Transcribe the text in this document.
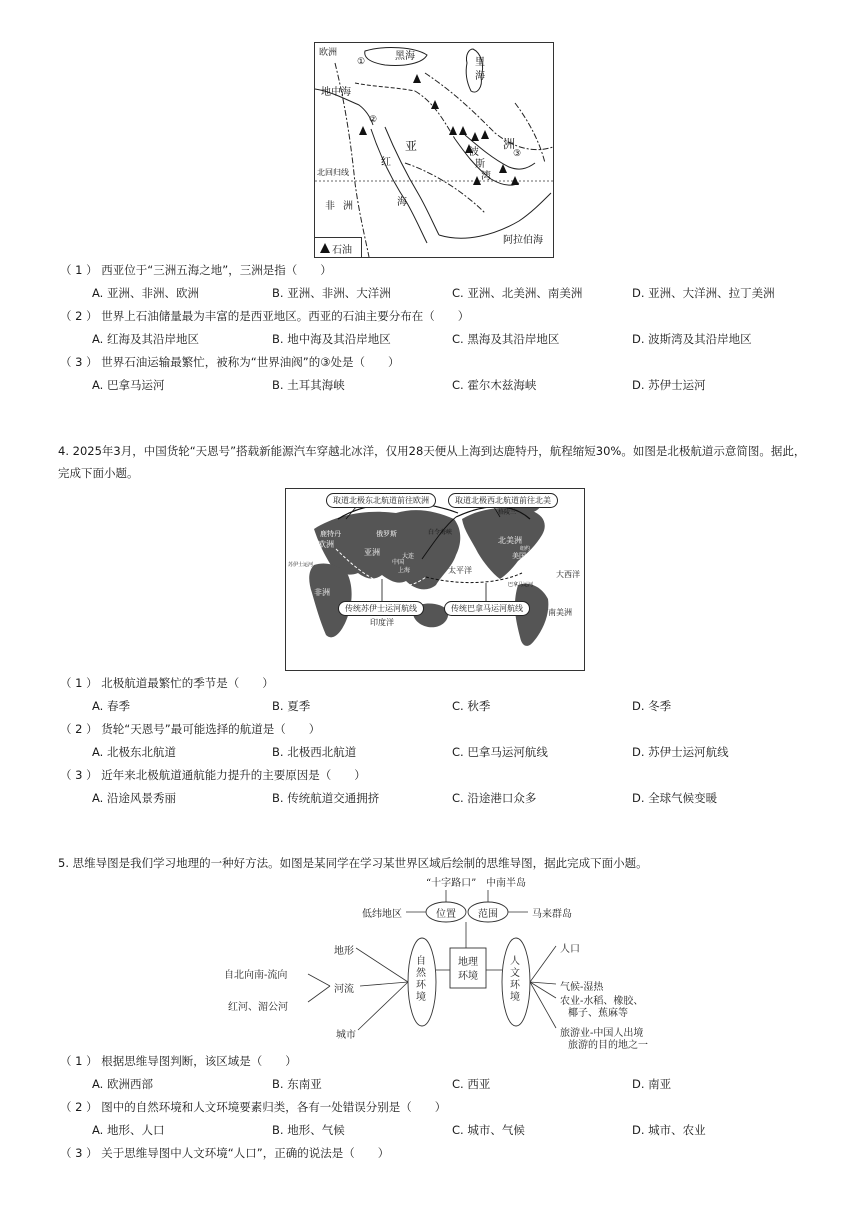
欧洲	黑海
里
海
地中海
①
②
③
亚	洲
波
斯
湾
红
海
北回归线
非 洲
阿拉伯海
石油
（ 1 ） 西亚位于“三洲五海之地”，三洲是指（　　）
A. 亚洲、非洲、欧洲	B. 亚洲、非洲、大洋洲	C. 亚洲、北美洲、南美洲	D. 亚洲、大洋洲、拉丁美洲
（ 2 ） 世界上石油储量最为丰富的是西亚地区。西亚的石油主要分布在（　　）
A. 红海及其沿岸地区	B. 地中海及其沿岸地区	C. 黑海及其沿岸地区	D. 波斯湾及其沿岸地区
（ 3 ） 世界石油运输最繁忙，被称为“世界油阀”的③处是（　　）
A. 巴拿马运河	B. 土耳其海峡	C. 霍尔木兹海峡	D. 苏伊士运河
4. 2025年3月，中国货轮“天恩号”搭载新能源汽车穿越北冰洋，仅用28天便从上海到达鹿特丹，航程缩短30%。如图是北极航道示意简图。据此，
完成下面小题。
取道北极东北航道前往欧洲	取道北极西北航道前往北美
传统苏伊士运河航线	传统巴拿马运河航线
鹿特丹
欧洲
俄罗斯
亚洲	大连
中国
上海
白令海峡
太平洋
格陵兰
北美洲
纽约
美国
大西洋
巴拿马运河
南美洲
非洲
苏伊士运河
印度洋
（ 1 ） 北极航道最繁忙的季节是（　　）
A. 春季	B. 夏季	C. 秋季	D. 冬季
（ 2 ） 货轮“天恩号”最可能选择的航道是（　　）
A. 北极东北航道	B. 北极西北航道	C. 巴拿马运河航线	D. 苏伊士运河航线
（ 3 ） 近年来北极航道通航能力提升的主要原因是（　　）
A. 沿途风景秀丽	B. 传统航道交通拥挤	C. 沿途港口众多	D. 全球气候变暖
5. 思维导图是我们学习地理的一种好方法。如图是某同学在学习某世界区域后绘制的思维导图，据此完成下面小题。
“十字路口” 中南半岛
低纬地区	位置 范围	马来群岛
地形
自然环境
地理环境
人文环境
人口
自北向南-流向
河流	气候-湿热
农业-水稻、橡胶、
椰子、蕉麻等
红河、湄公河
城市	旅游业-中国人出境
旅游的目的地之一
（ 1 ） 根据思维导图判断，该区域是（　　）
A. 欧洲西部	B. 东南亚	C. 西亚	D. 南亚
（ 2 ） 图中的自然环境和人文环境要素归类，各有一处错误分别是（　　）
A. 地形、人口	B. 地形、气候	C. 城市、气候	D. 城市、农业
（ 3 ） 关于思维导图中人文环境“人口”，正确的说法是（　　）
